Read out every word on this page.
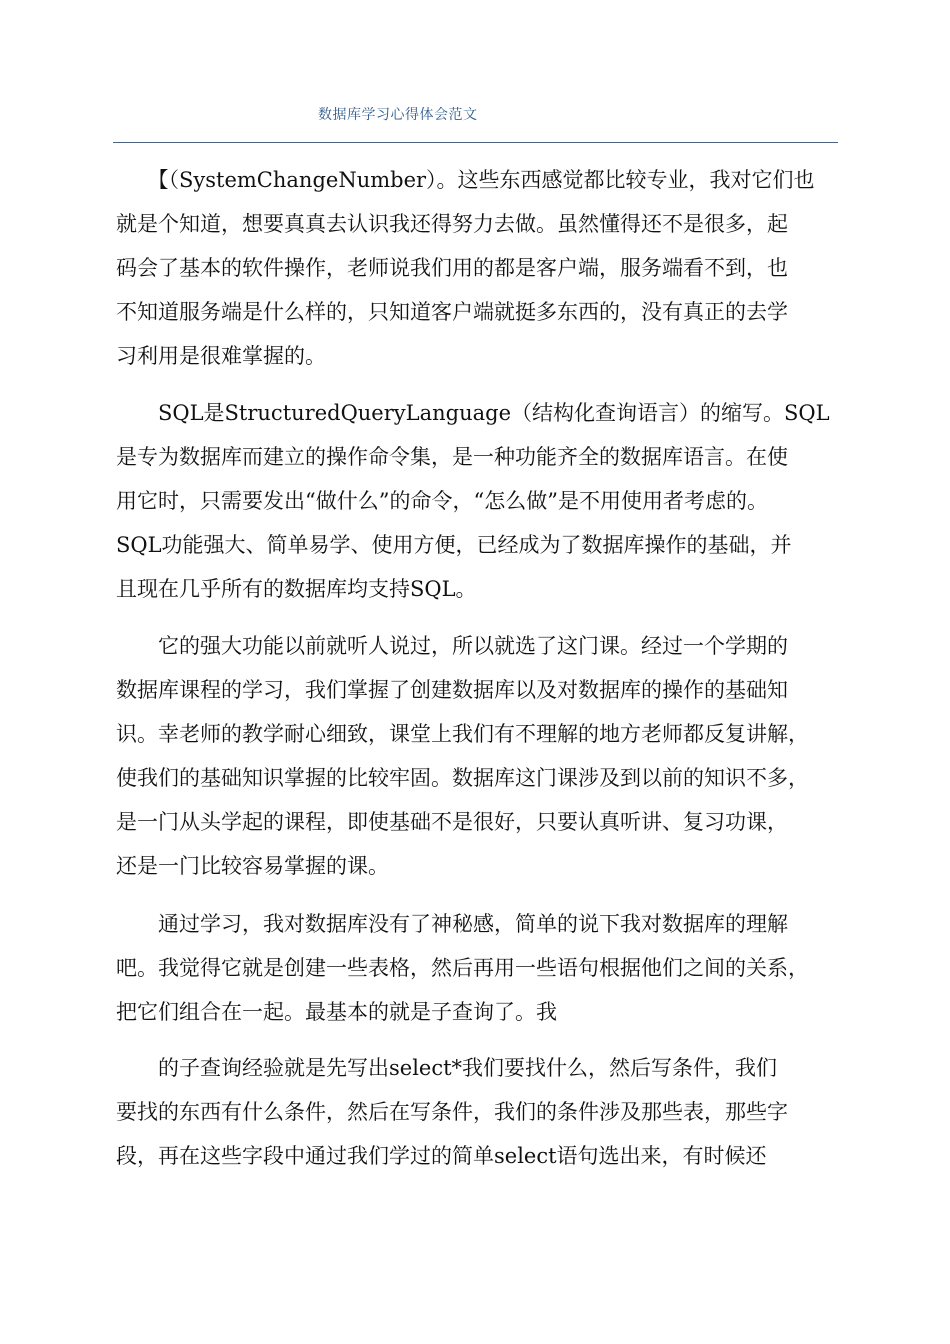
数据库学习心得体会范文
　　【（SystemChangeNumber）。这些东西感觉都比较专业，我对它们也
就是个知道，想要真真去认识我还得努力去做。虽然懂得还不是很多，起
码会了基本的软件操作，老师说我们用的都是客户端，服务端看不到，也
不知道服务端是什么样的，只知道客户端就挺多东西的，没有真正的去学
习利用是很难掌握的。
　　SQL是StructuredQueryLanguage（结构化查询语言）的缩写。SQL
是专为数据库而建立的操作命令集，是一种功能齐全的数据库语言。在使
用它时，只需要发出“做什么”的命令，“怎么做”是不用使用者考虑的。
SQL功能强大、简单易学、使用方便，已经成为了数据库操作的基础，并
且现在几乎所有的数据库均支持SQL。
　　它的强大功能以前就听人说过，所以就选了这门课。经过一个学期的
数据库课程的学习，我们掌握了创建数据库以及对数据库的操作的基础知
识。幸老师的教学耐心细致，课堂上我们有不理解的地方老师都反复讲解，
使我们的基础知识掌握的比较牢固。数据库这门课涉及到以前的知识不多，
是一门从头学起的课程，即使基础不是很好，只要认真听讲、复习功课，
还是一门比较容易掌握的课。
　　通过学习，我对数据库没有了神秘感，简单的说下我对数据库的理解
吧。我觉得它就是创建一些表格，然后再用一些语句根据他们之间的关系，
把它们组合在一起。最基本的就是子查询了。我
　　的子查询经验就是先写出select*我们要找什么，然后写条件，我们
要找的东西有什么条件，然后在写条件，我们的条件涉及那些表，那些字
段，再在这些字段中通过我们学过的简单select语句选出来，有时候还
